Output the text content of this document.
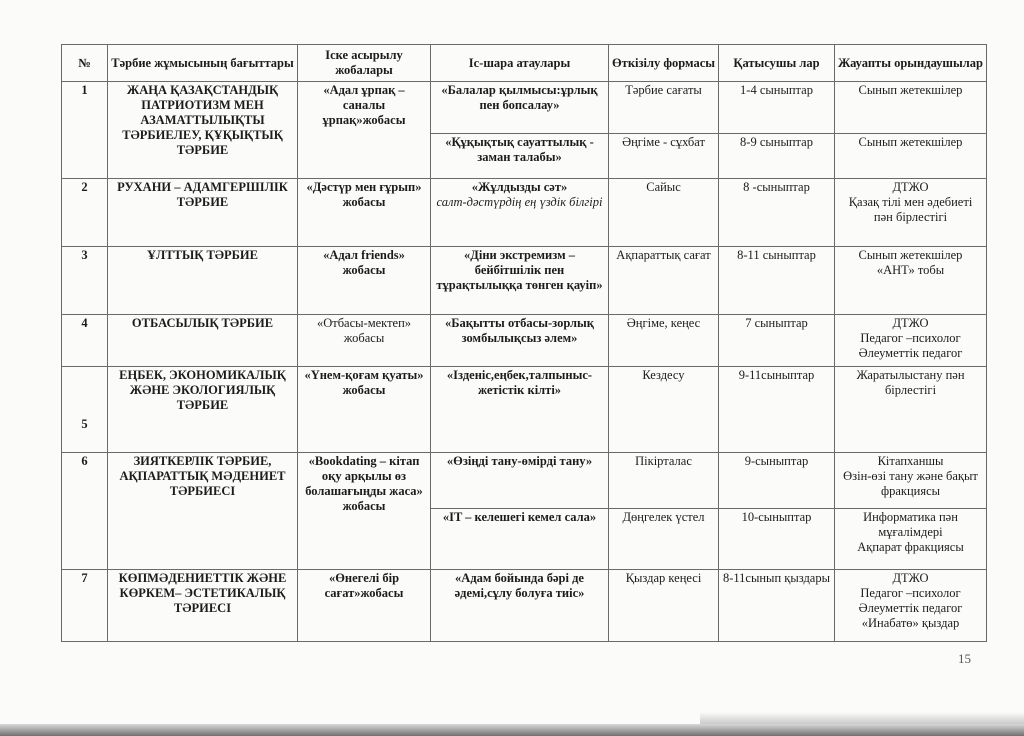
№	Тәрбие жұмысының бағыттары	Іске асырылу жобалары	Іс-шара атаулары	Өткізілу формасы	Қатысушы лар	Жауапты орындаушылар
1	ЖАҢА ҚАЗАҚСТАНДЫҚ ПАТРИОТИЗМ МЕН АЗАМАТТЫЛЫҚТЫ ТӘРБИЕЛЕУ, ҚҰҚЫҚТЫҚ ТӘРБИЕ	«Адал ұрпақ – саналы ұрпақ»жобасы	«Балалар қылмысы:ұрлық пен бопсалау»	Тәрбие сағаты	1-4 сыныптар	Сынып жетекшілер

			«Құқықтық сауаттылық - заман талабы»	Әңгіме - сұхбат	8-9 сыныптар	Сынып жетекшілер

2	РУХАНИ – АДАМГЕРШІЛІК ТӘРБИЕ	«Дәстүр мен ғұрып» жобасы	«Жұлдызды сәт»
салт-дәстүрдің ең үздік білгірі	Сайыс	8 -сыныптар	ДТЖО
Қазақ тілі мен әдебиеті пән бірлестігі

3	ҰЛТТЫҚ ТӘРБИЕ	«Адал friends» жобасы	«Діни экстремизм – бейбітшілік пен тұрақтылыққа төнген қауіп»	Ақпараттық сағат	8-11 сыныптар	Сынып жетекшілер
«АНТ» тобы

4	ОТБАСЫЛЫҚ ТӘРБИЕ	«Отбасы-мектеп» жобасы	«Бақытты отбасы-зорлық зомбылықсыз әлем»	Әңгіме, кеңес	7 сыныптар	ДТЖО
Педагог –психолог
Әлеуметтік педагог

5	ЕҢБЕК, ЭКОНОМИКАЛЫҚ ЖӘНЕ ЭКОЛОГИЯЛЫҚ ТӘРБИЕ	«Үнем-қоғам қуаты» жобасы	«Ізденіс,еңбек,талпыныс-жетістік кілті»	Кездесу	9-11сыныптар	Жаратылыстану пән бірлестігі

6	ЗИЯТКЕРЛІК ТӘРБИЕ, АҚПАРАТТЫҚ МӘДЕНИЕТ ТӘРБИЕСІ	«Bookdating – кітап оқу арқылы өз болашағыңды жаса» жобасы	«Өзіңді тану-өмірді тану»	Пікірталас	9-сыныптар	Кітапханшы
Өзін-өзі тану және бақыт фракциясы

			«IT – келешегі кемел сала»	Дөңгелек үстел	10-сыныптар	Информатика пән мұғалімдері
Ақпарат фракциясы

7	КӨПМӘДЕНИЕТТІК ЖӘНЕ КӨРКЕМ– ЭСТЕТИКАЛЫҚ ТӘРИЕСІ	«Өнегелі бір сағат»жобасы	«Адам бойында бәрі де әдемі,сұлу болуға тиіс»	Қыздар кеңесі	8-11сынып қыздары	ДТЖО
Педагог –психолог
Әлеуметтік педагог
«Инабатө» қыздар
15
